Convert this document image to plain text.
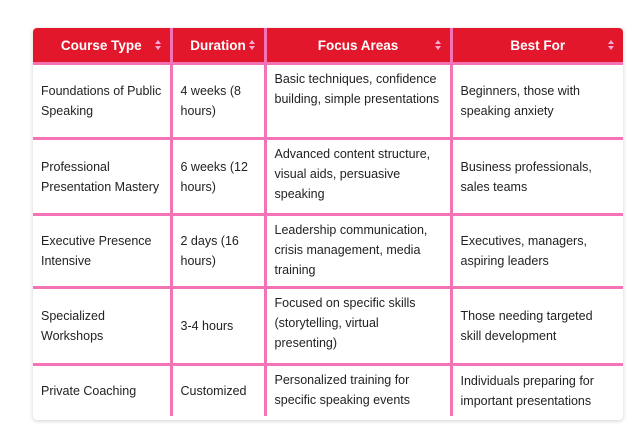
Course Type	Duration	Focus Areas	Best For

Foundations of Public Speaking	4 weeks (8 hours)	Basic techniques, confidence building, simple presentations	Beginners, those with speaking anxiety
Professional Presentation Mastery	6 weeks (12 hours)	Advanced content structure, visual aids, persuasive speaking	Business professionals, sales teams
Executive Presence Intensive	2 days (16 hours)	Leadership communication, crisis management, media training	Executives, managers, aspiring leaders
Specialized Workshops	3-4 hours	Focused on specific skills (storytelling, virtual presenting)	Those needing targeted skill development
Private Coaching	Customized	Personalized training for specific speaking events	Individuals preparing for important presentations
